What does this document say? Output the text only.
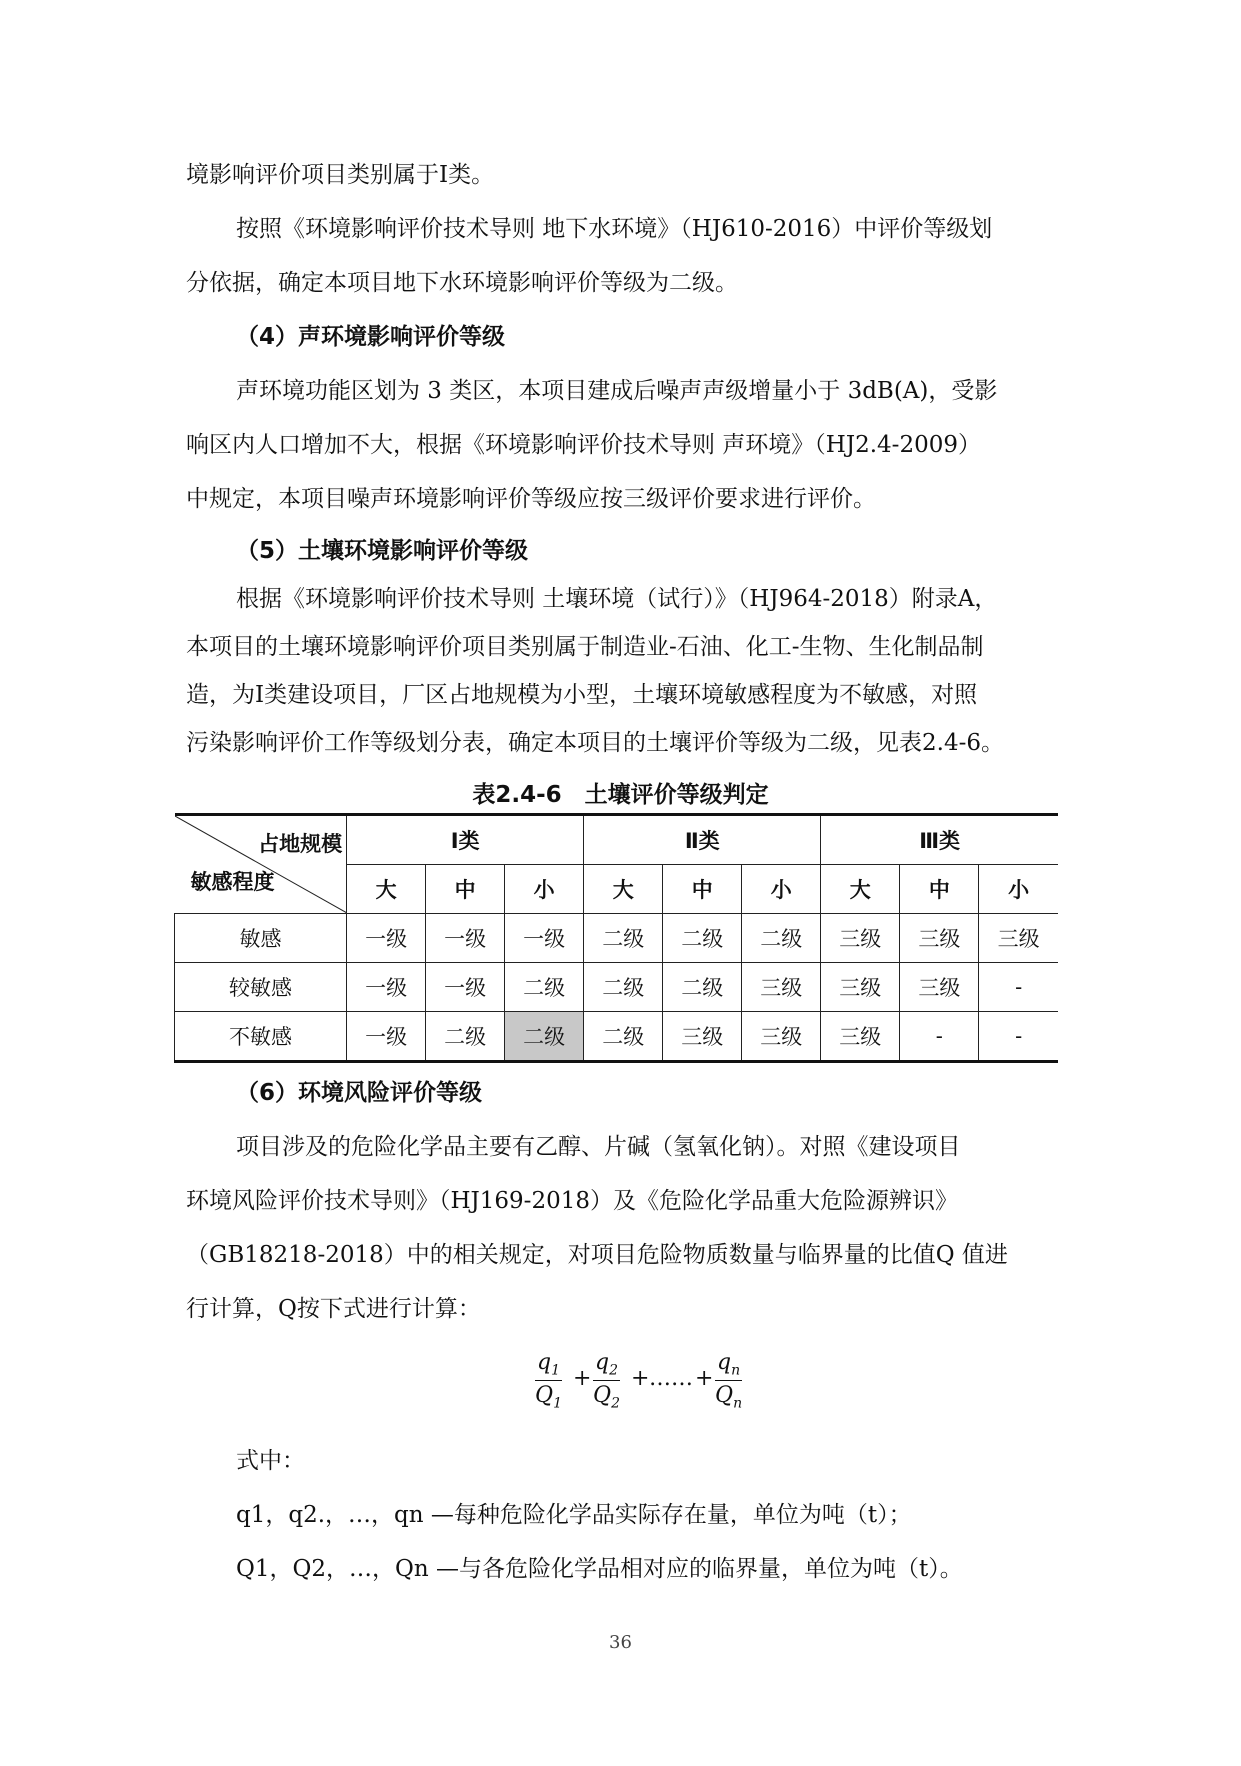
境影响评价项目类别属于Ⅰ类。
按照《环境影响评价技术导则 地下水环境》（HJ610-2016）中评价等级划
分依据，确定本项目地下水环境影响评价等级为二级。
（4）声环境影响评价等级
声环境功能区划为 3 类区，本项目建成后噪声声级增量小于 3dB(A)，受影
响区内人口增加不大，根据《环境影响评价技术导则 声环境》（HJ2.4-2009）
中规定，本项目噪声环境影响评价等级应按三级评价要求进行评价。
（5）土壤环境影响评价等级
根据《环境影响评价技术导则 土壤环境（试行）》（HJ964-2018）附录A，
本项目的土壤环境影响评价项目类别属于制造业-石油、化工-生物、生化制品制
造，为Ⅰ类建设项目，厂区占地规模为小型，土壤环境敏感程度为不敏感，对照
污染影响评价工作等级划分表，确定本项目的土壤评价等级为二级，见表2.4-6。
表2.4-6　土壤评价等级判定
占地规模
敏感程度	Ⅰ类			Ⅱ类			Ⅲ类		
	大	中	小	大	中	小	大	中	小
敏感	一级	一级	一级	二级	二级	二级	三级	三级	三级
较敏感	一级	一级	二级	二级	二级	三级	三级	三级	-
不敏感	一级	二级	二级	二级	三级	三级	三级	-	-
（6）环境风险评价等级
项目涉及的危险化学品主要有乙醇、片碱（氢氧化钠）。对照《建设项目
环境风险评价技术导则》（HJ169-2018）及《危险化学品重大危险源辨识》
（GB18218-2018）中的相关规定，对项目危险物质数量与临界量的比值Q 值进
行计算，Q按下式进行计算：
$\frac{q_1}{Q_1} + \frac{q_2}{Q_2}$ + …… + $\frac{q_n}{Q_n}$
式中：
q1，q2.，…，qn —每种危险化学品实际存在量，单位为吨（t）；
Q1，Q2，…，Qn —与各危险化学品相对应的临界量，单位为吨（t）。
36
